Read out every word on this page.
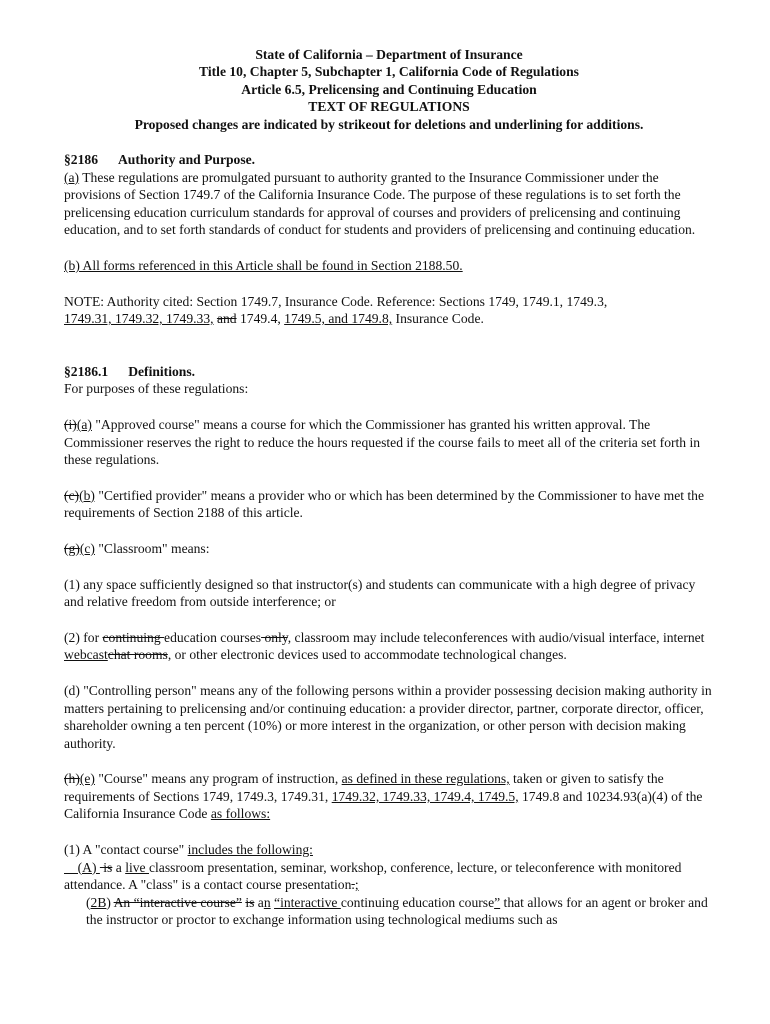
State of California – Department of Insurance
Title 10, Chapter 5, Subchapter 1, California Code of Regulations
Article 6.5, Prelicensing and Continuing Education
TEXT OF REGULATIONS
Proposed changes are indicated by strikeout for deletions and underlining for additions.

§2186 Authority and Purpose.

(a) These regulations are promulgated pursuant to authority granted to the Insurance Commissioner under the provisions of Section 1749.7 of the California Insurance Code. The purpose of these regulations is to set forth the prelicensing education curriculum standards for approval of courses and providers of prelicensing and continuing education, and to set forth standards of conduct for students and providers of prelicensing and continuing education.

(b) All forms referenced in this Article shall be found in Section 2188.50.

NOTE: Authority cited: Section 1749.7, Insurance Code. Reference: Sections 1749, 1749.1, 1749.3,
1749.31, 1749.32, 1749.33, and 1749.4, 1749.5, and 1749.8, Insurance Code.

§2186.1 Definitions.

For purposes of these regulations:

(i)(a) "Approved course" means a course for which the Commissioner has granted his written approval. The Commissioner reserves the right to reduce the hours requested if the course fails to meet all of the criteria set forth in these regulations.

(c)(b) "Certified provider" means a provider who or which has been determined by the Commissioner to have met the requirements of Section 2188 of this article.

(g)(c) "Classroom" means:

(1) any space sufficiently designed so that instructor(s) and students can communicate with a high degree of privacy and relative freedom from outside interference; or

(2) for continuing education courses only, classroom may include teleconferences with audio/visual interface, internet webcastchat rooms, or other electronic devices used to accommodate technological changes.

(d) "Controlling person" means any of the following persons within a provider possessing decision making authority in matters pertaining to prelicensing and/or continuing education: a provider director, partner, corporate director, officer, shareholder owning a ten percent (10%) or more interest in the organization, or other person with decision making authority.

(h)(e) "Course" means any program of instruction, as defined in these regulations, taken or given to satisfy the requirements of Sections 1749, 1749.3, 1749.31, 1749.32, 1749.33, 1749.4, 1749.5, 1749.8 and 10234.93(a)(4) of the California Insurance Code as follows:

(1) A "contact course" includes the following:

(A)  is a live classroom presentation, seminar, workshop, conference, lecture, or teleconference with monitored attendance. A "class" is a contact course presentation.;

(2B) An “interactive course” is an “interactive continuing education course” that allows for an agent or broker and the instructor or proctor to exchange information using technological mediums such as
